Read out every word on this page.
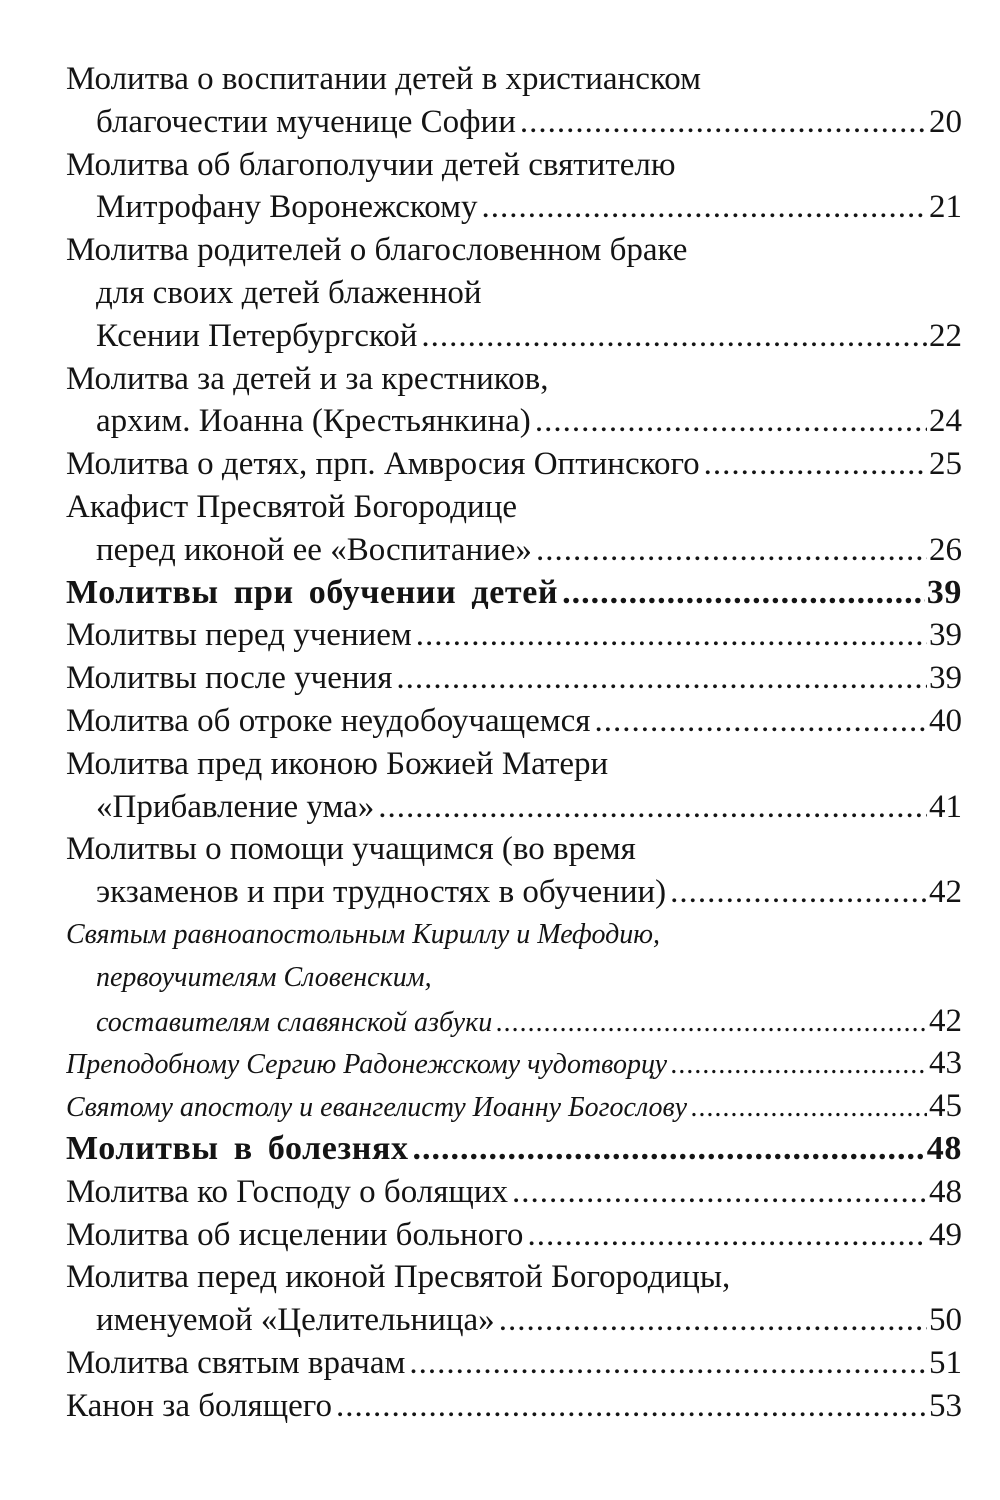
Молитва о воспитании детей в христианском
благочестии мученице Софии .....	20
Молитва об благополучии детей святителю
Митрофану Воронежскому .....	21
Молитва родителей о благословенном браке
для своих детей блаженной
Ксении Петербургской .....	22
Молитва за детей и за крестников,
архим. Иоанна (Крестьянкина) .....	24
Молитва о детях, прп. Амвросия Оптинского .....	25
Акафист Пресвятой Богородице
перед иконой ее «Воспитание» .....	26
Молитвы при обучении детей .....	39
Молитвы перед учением .....	39
Молитвы после учения .....	39
Молитва об отроке неудобоучащемся .....	40
Молитва пред иконою Божией Матери
«Прибавление ума» .....	41
Молитвы о помощи учащимся (во время
экзаменов и при трудностях в обучении) .....	42
Святым равноапостольным Кириллу и Мефодию,
первоучителям Словенским,
составителям славянской азбуки .....	42
Преподобному Сергию Радонежскому чудотворцу .....	43
Святому апостолу и евангелисту Иоанну Богослову .....	45
Молитвы в болезнях .....	48
Молитва ко Господу о болящих .....	48
Молитва об исцелении больного .....	49
Молитва перед иконой Пресвятой Богородицы,
именуемой «Целительница» .....	50
Молитва святым врачам .....	51
Канон за болящего .....	53
